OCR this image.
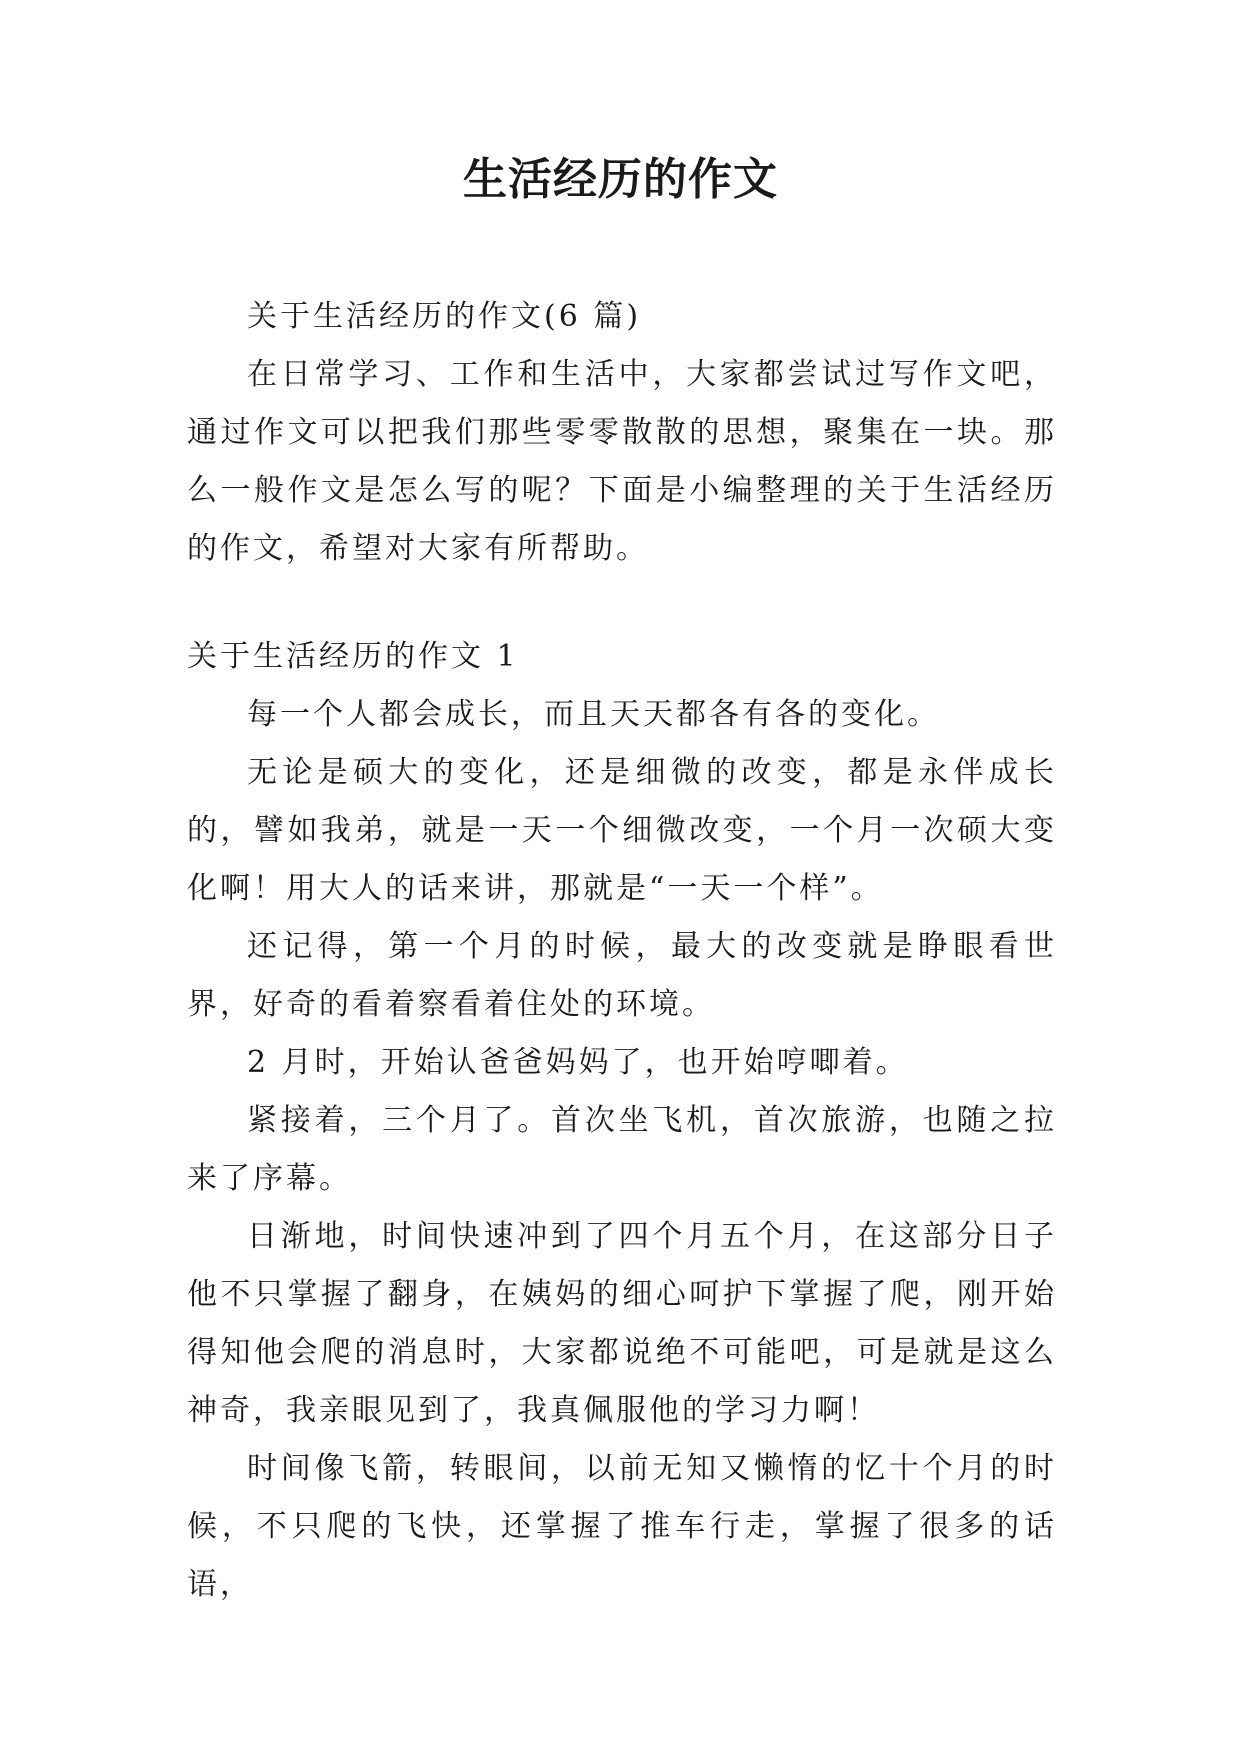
生活经历的作文

关于生活经历的作文(6 篇)

在日常学习、工作和生活中，大家都尝试过写作文吧，通过作文可以把我们那些零零散散的思想，聚集在一块。那么一般作文是怎么写的呢？下面是小编整理的关于生活经历的作文，希望对大家有所帮助。

关于生活经历的作文 1

每一个人都会成长，而且天天都各有各的变化。

无论是硕大的变化，还是细微的改变，都是永伴成长的，譬如我弟，就是一天一个细微改变，一个月一次硕大变化啊！用大人的话来讲，那就是“一天一个样”。

还记得，第一个月的时候，最大的改变就是睁眼看世界，好奇的看着察看着住处的环境。

2 月时，开始认爸爸妈妈了，也开始哼唧着。

紧接着，三个月了。首次坐飞机，首次旅游，也随之拉来了序幕。

日渐地，时间快速冲到了四个月五个月，在这部分日子他不只掌握了翻身，在姨妈的细心呵护下掌握了爬，刚开始得知他会爬的消息时，大家都说绝不可能吧，可是就是这么神奇，我亲眼见到了，我真佩服他的学习力啊！

时间像飞箭，转眼间，以前无知又懒惰的忆十个月的时候，不只爬的飞快，还掌握了推车行走，掌握了很多的话语，
